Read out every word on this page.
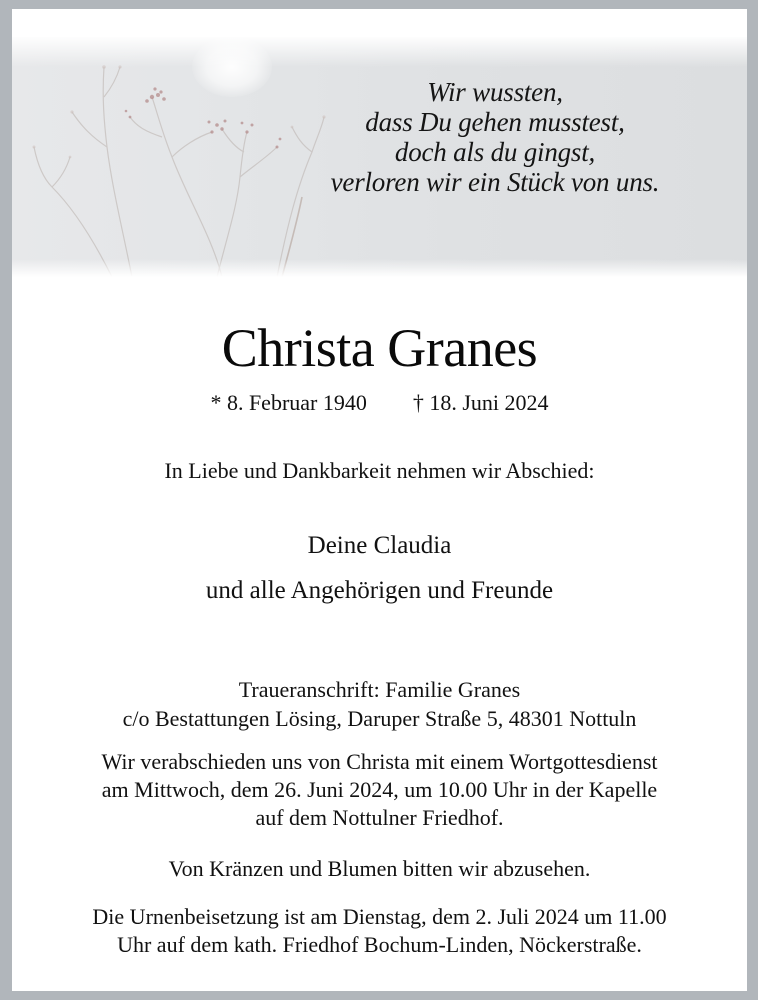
Wir wussten,
dass Du gehen musstest,
doch als du gingst,
verloren wir ein Stück von uns.
Christa Granes
* 8. Februar 1940 † 18. Juni 2024
In Liebe und Dankbarkeit nehmen wir Abschied:
Deine Claudia
und alle Angehörigen und Freunde
Traueranschrift: Familie Granes
c/o Bestattungen Lösing, Daruper Straße 5, 48301 Nottuln
Wir verabschieden uns von Christa mit einem Wortgottesdienst
am Mittwoch, dem 26. Juni 2024, um 10.00 Uhr in der Kapelle
auf dem Nottulner Friedhof.
Von Kränzen und Blumen bitten wir abzusehen.
Die Urnenbeisetzung ist am Dienstag, dem 2. Juli 2024 um 11.00
Uhr auf dem kath. Friedhof Bochum-Linden, Nöckerstraße.
